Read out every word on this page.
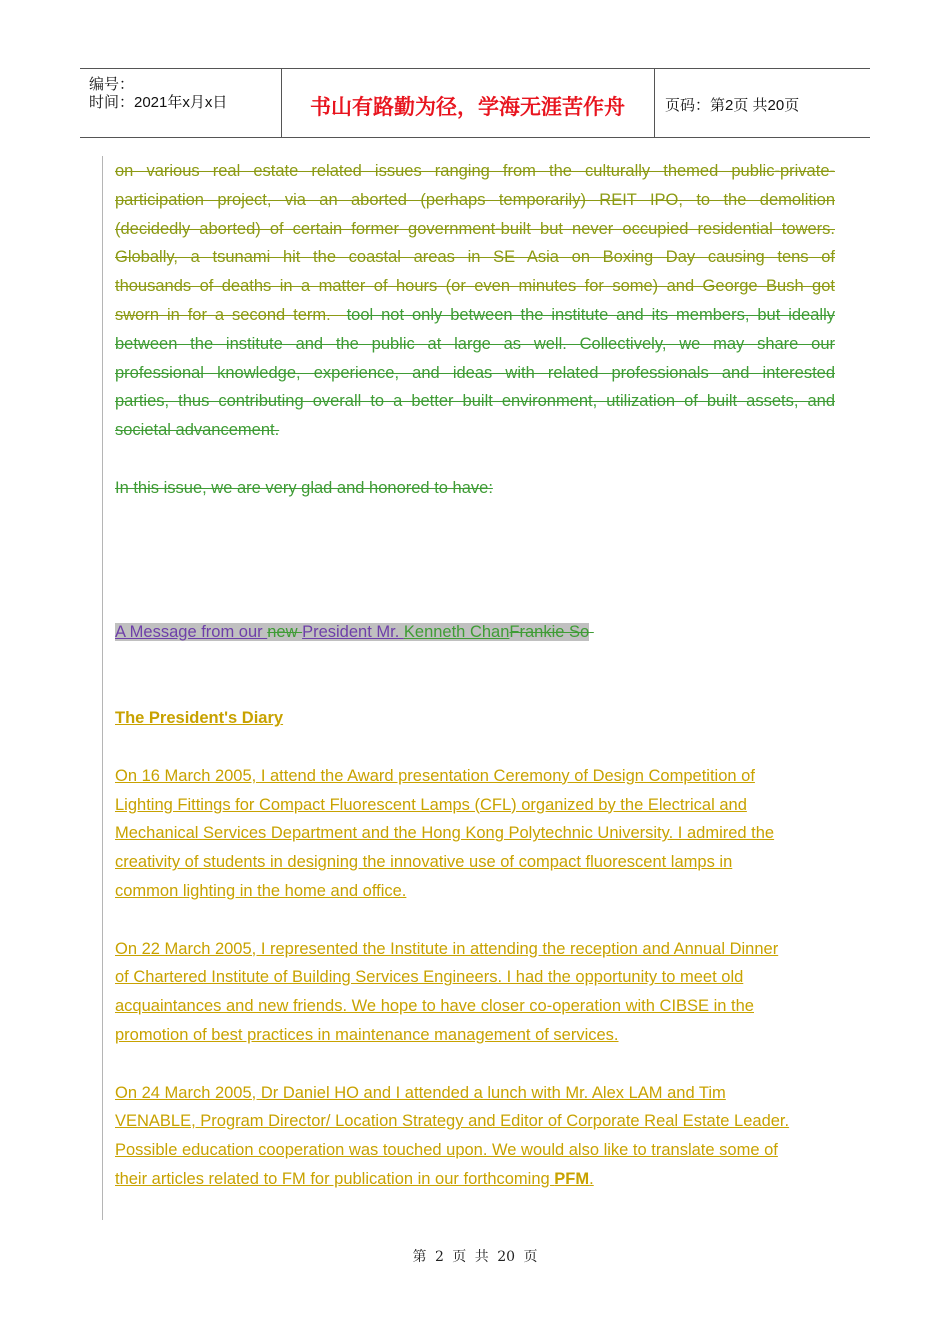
编号：
时间：2021年x月x日	书山有路勤为径，学海无涯苦作舟	页码：第2页 共20页
on various real estate related issues ranging from the culturally themed public-private-
participation project, via an aborted (perhaps temporarily) REIT IPO, to the demolition
(decidedly aborted) of certain former government-built but never occupied residential towers.
Globally, a tsunami hit the coastal areas in SE Asia on Boxing Day causing tens of
thousands of deaths in a matter of hours (or even minutes for some) and George Bush got
sworn in for a second term.  tool not only between the institute and its members, but ideally
between the institute and the public at large as well. Collectively, we may share our
professional knowledge, experience, and ideas with related professionals and interested
parties, thus contributing overall to a better built environment, utilization of built assets, and
societal advancement.
In this issue, we are very glad and honored to have:
A Message from our new President Mr. Kenneth ChanFrankie So
The President's Diary
On 16 March 2005, I attend the Award presentation Ceremony of Design Competition of
Lighting Fittings for Compact Fluorescent Lamps (CFL) organized by the Electrical and
Mechanical Services Department and the Hong Kong Polytechnic University. I admired the
creativity of students in designing the innovative use of compact fluorescent lamps in
common lighting in the home and office.
On 22 March 2005, I represented the Institute in attending the reception and Annual Dinner
of Chartered Institute of Building Services Engineers. I had the opportunity to meet old
acquaintances and new friends. We hope to have closer co-operation with CIBSE in the
promotion of best practices in maintenance management of services.
On 24 March 2005, Dr Daniel HO and I attended a lunch with Mr. Alex LAM and Tim
VENABLE, Program Director/ Location Strategy and Editor of Corporate Real Estate Leader.
Possible education cooperation was touched upon. We would also like to translate some of
their articles related to FM for publication in our forthcoming PFM.
第 2 页 共 20 页
